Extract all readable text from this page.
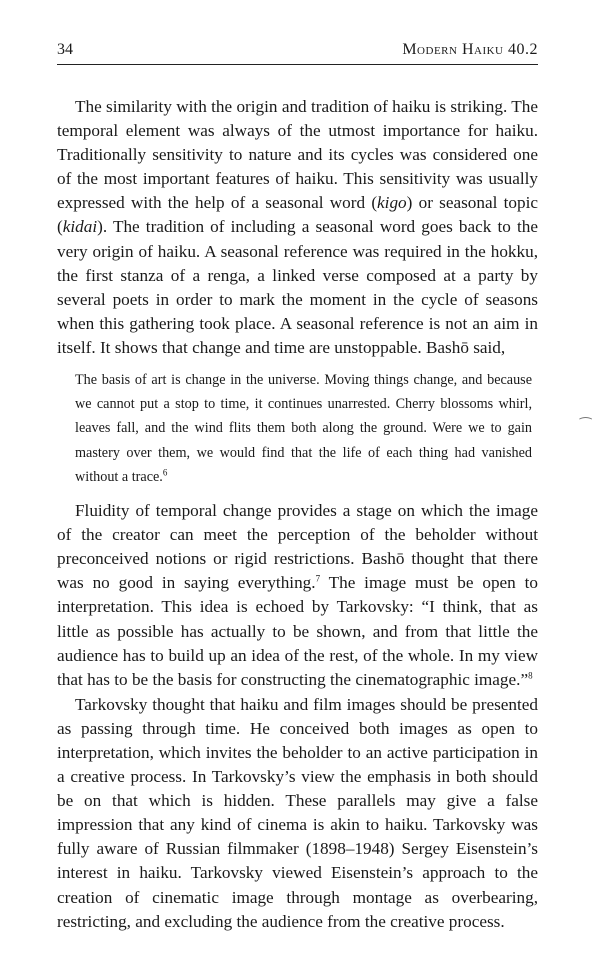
34	Modern Haiku 40.2

The similarity with the origin and tradition of haiku is striking. The temporal element was always of the utmost importance for haiku. Traditionally sensitivity to nature and its cycles was considered one of the most important features of haiku. This sensitivity was usually expressed with the help of a seasonal word (kigo) or seasonal topic (kidai). The tradition of including a seasonal word goes back to the very origin of haiku. A seasonal reference was required in the hokku, the first stanza of a renga, a linked verse composed at a party by several poets in order to mark the moment in the cycle of seasons when this gathering took place. A seasonal reference is not an aim in itself. It shows that change and time are unstoppable. Bashō said,

The basis of art is change in the universe. Moving things change, and because we cannot put a stop to time, it continues unarrested. Cherry blossoms whirl, leaves fall, and the wind flits them both along the ground. Were we to gain mastery over them, we would find that the life of each thing had vanished without a trace.$^6$

Fluidity of temporal change provides a stage on which the image of the creator can meet the perception of the beholder without preconceived notions or rigid restrictions. Bashō thought that there was no good in saying everything.$^7$ The image must be open to interpretation. This idea is echoed by Tarkovsky: “I think, that as little as possible has actually to be shown, and from that little the audience has to build up an idea of the rest, of the whole. In my view that has to be the basis for constructing the cinematographic image.”$^8$

Tarkovsky thought that haiku and film images should be presented as passing through time. He conceived both images as open to interpretation, which invites the beholder to an active participation in a creative process. In Tarkovsky’s view the emphasis in both should be on that which is hidden. These parallels may give a false impression that any kind of cinema is akin to haiku. Tarkovsky was fully aware of Russian filmmaker (1898–1948) Sergey Eisenstein’s interest in haiku. Tarkovsky viewed Eisenstein’s approach to the creation of cinematic image through montage as overbearing, restricting, and excluding the audience from the creative process.

⁀
